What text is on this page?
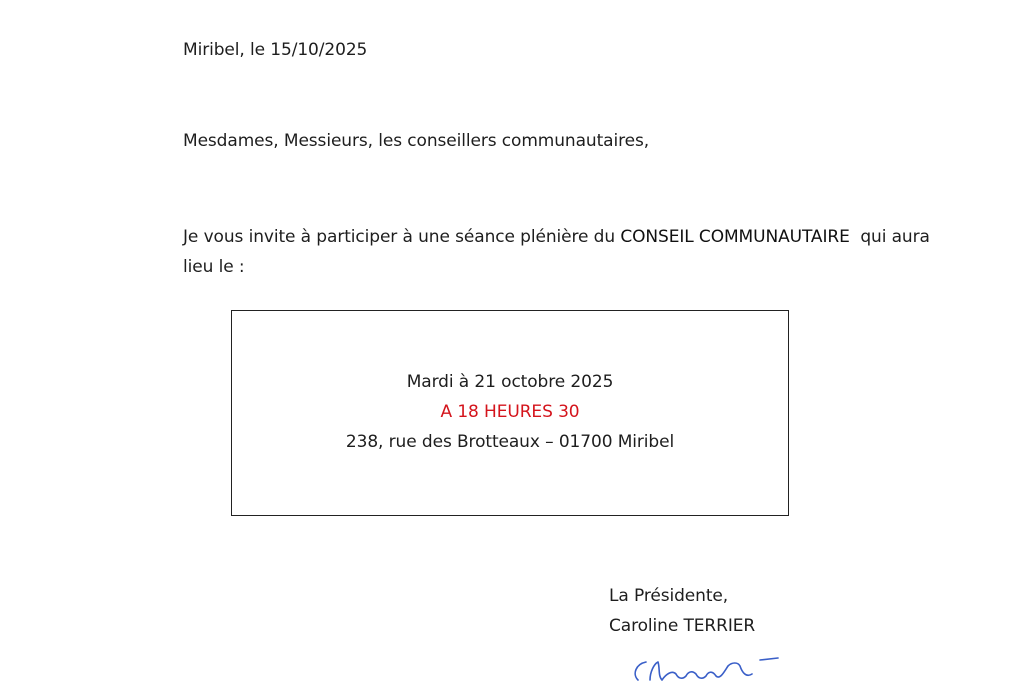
Miribel, le 15/10/2025
Mesdames, Messieurs, les conseillers communautaires,
Je vous invite à participer à une séance plénière du CONSEIL COMMUNAUTAIRE  qui aura lieu le :
Mardi à 21 octobre 2025
A 18 HEURES 30
238, rue des Brotteaux – 01700 Miribel
La Présidente,
Caroline TERRIER
